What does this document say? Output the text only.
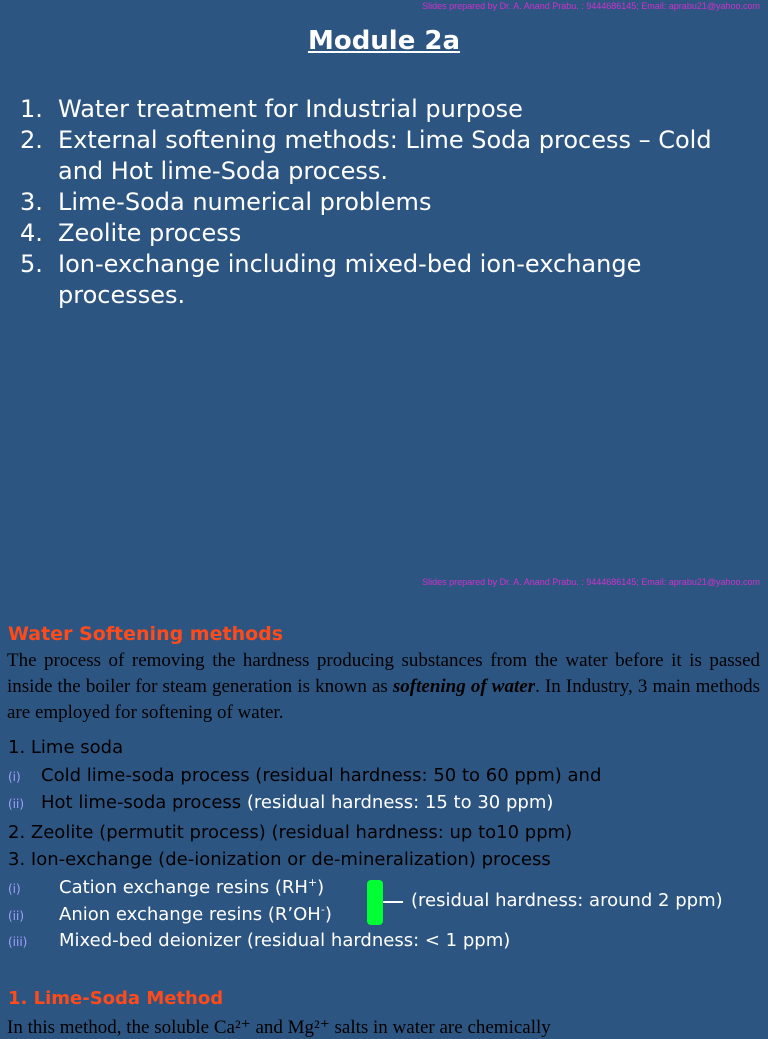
Slides prepared by Dr. A. Anand Prabu. : 9444686145; Email: aprabu21@yahoo.com
Module 2a
1. Water treatment for Industrial purpose
2. External softening methods: Lime Soda process – Cold and Hot lime-Soda process.
3. Lime-Soda numerical problems
4. Zeolite process
5. Ion-exchange including mixed-bed ion-exchange processes.
Slides prepared by Dr. A. Anand Prabu. : 9444686145; Email: aprabu21@yahoo.com
Water Softening methods
The process of removing the hardness producing substances from the water before it is passed inside the boiler for steam generation is known as softening of water. In Industry, 3 main methods are employed for softening of water.
1. Lime soda
(i) Cold lime-soda process (residual hardness: 50 to 60 ppm) and
(ii) Hot lime-soda process (residual hardness: 15 to 30 ppm)
2. Zeolite (permutit process) (residual hardness: up to10 ppm)
3. Ion-exchange (de-ionization or de-mineralization) process
(i) Cation exchange resins (RH+)
(ii) Anion exchange resins (R’OH-)
(iii) Mixed-bed deionizer (residual hardness: < 1 ppm)
(residual hardness: around 2 ppm)
1. Lime-Soda Method
In this method, the soluble Ca²⁺ and Mg²⁺ salts in water are chemically
